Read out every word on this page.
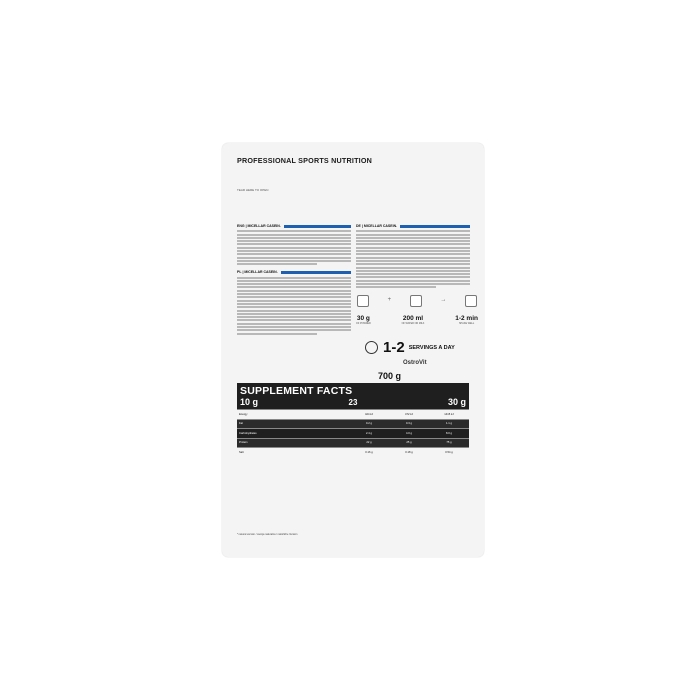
PROFESSIONAL SPORTS NUTRITION
TEAR HERE TO OPEN
ENG | MICELLAR CASEIN.
PL | MICELLAR CASEIN.
DE | MICELLAR CASEIN.
+	→
30 g
OF POWDER
200 ml
OF WATER OR MILK
1-2 min
SHAKE WELL
1-2 SERVINGS A DAY
OstroVit
700 g
SUPPLEMENT FACTS
10 g	23	30 g
Energy	424 kJ	472 kJ	1415 kJ
Fat	0.2 g	0.3 g	1.1 g
Carbohydrates	2.4 g	4.0 g	8.0 g
Protein	22 g	25 g	75 g
Salt	0.16 g	0.18 g	0.54 g
* natural version / wersja naturalna / natürliche Version
